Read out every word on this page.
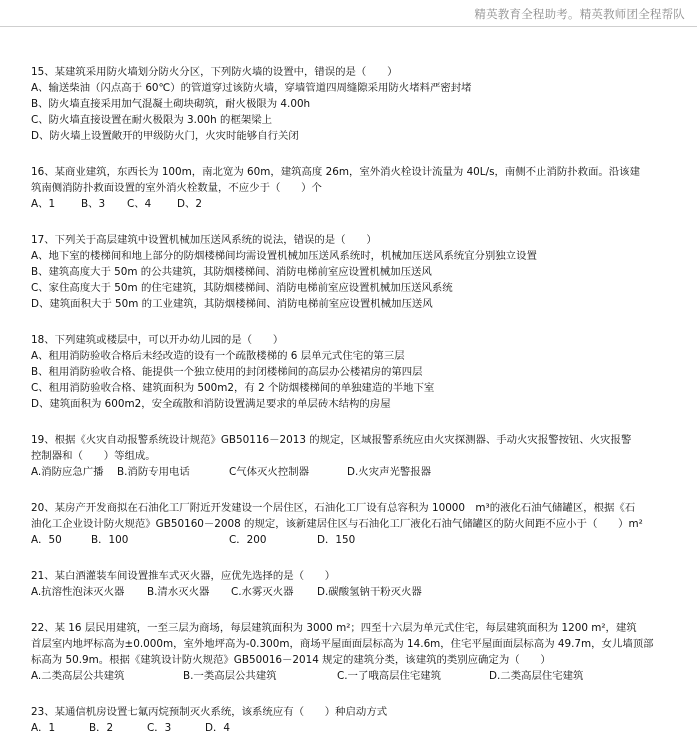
精英教育全程助考。精英教师团全程帮队
15、某建筑采用防火墙划分防火分区，下列防火墙的设置中，错误的是（　　）
A、输送柴油（闪点高于 60℃）的管道穿过该防火墙，穿墙管道四周缝隙采用防火堵料严密封堵
B、防火墙直接采用加气混凝土砌块砌筑，耐火极限为 4.00h
C、防火墙直接设置在耐火极限为 3.00h 的框架梁上
D、防火墙上设置敞开的甲级防火门，火灾时能够自行关闭
16、某商业建筑，东西长为 100m，南北宽为 60m，建筑高度 26m，室外消火栓设计流量为 40L/s，南侧不止消防扑救面。沿该建
筑南侧消防扑救面设置的室外消火栓数量，不应少于（　　）个
A、1	B、3	C、4	D、2
17、下列关于高层建筑中设置机械加压送风系统的说法，错误的是（　　）
A、地下室的楼梯间和地上部分的防烟楼梯间均需设置机械加压送风系统时，机械加压送风系统宜分别独立设置
B、建筑高度大于 50m 的公共建筑，其防烟楼梯间、消防电梯前室应设置机械加压送风
C、家住高度大于 50m 的住宅建筑，其防烟楼梯间、消防电梯前室应设置机械加压送风系统
D、建筑面积大于 50m 的工业建筑，其防烟楼梯间、消防电梯前室应设置机械加压送风
18、下列建筑或楼层中，可以开办幼儿园的是（　　）
A、租用消防验收合格后未经改造的设有一个疏散楼梯的 6 层单元式住宅的第三层
B、租用消防验收合格、能提供一个独立使用的封闭楼梯间的高层办公楼裙房的第四层
C、租用消防验收合格、建筑面积为 500m2，有 2 个防烟楼梯间的单独建造的半地下室
D、建筑面积为 600m2，安全疏散和消防设置满足要求的单层砖木结构的房屋
19、根据《火灾自动报警系统设计规范》GB50116－2013 的规定，区域报警系统应由火灾探测器、手动火灾报警按钮、火灾报警
控制器和（　　）等组成。
A.消防应急广播	B.消防专用电话	C气体灭火控制器	D.火灾声光警报器
20、某房产开发商拟在石油化工厂附近开发建设一个居住区，石油化工厂设有总容积为 10000　m³的液化石油气储罐区，根据《石
油化工企业设计防火规范》GB50160－2008 的规定，该新建居住区与石油化工厂液化石油气储罐区的防火间距不应小于（　　）m²
A．50	B．100	C．200	D．150
21、某白酒灌装车间设置推车式灭火器，应优先选择的是（　　）
A.抗溶性泡沫灭火器	B.清水灭火器	C.水雾灭火器	D.碳酸氢钠干粉灭火器
22、某 16 层民用建筑，一至三层为商场，每层建筑面积为 3000 m²；四至十六层为单元式住宅，每层建筑面积为 1200 m²，建筑
首层室内地坪标高为±0.000m，室外地坪高为-0.300m，商场平屋面面层标高为 14.6m，住宅平屋面面层标高为 49.7m，女儿墙顶部
标高为 50.9m。根据《建筑设计防火规范》GB50016－2014 规定的建筑分类，该建筑的类别应确定为（　　）
A.二类高层公共建筑	B.一类高层公共建筑	C.一了哦高层住宅建筑	D.二类高层住宅建筑
23、某通信机房设置七氟丙烷预制灭火系统，该系统应有（　　）种启动方式
A．1	B．2	C．3	D．4
